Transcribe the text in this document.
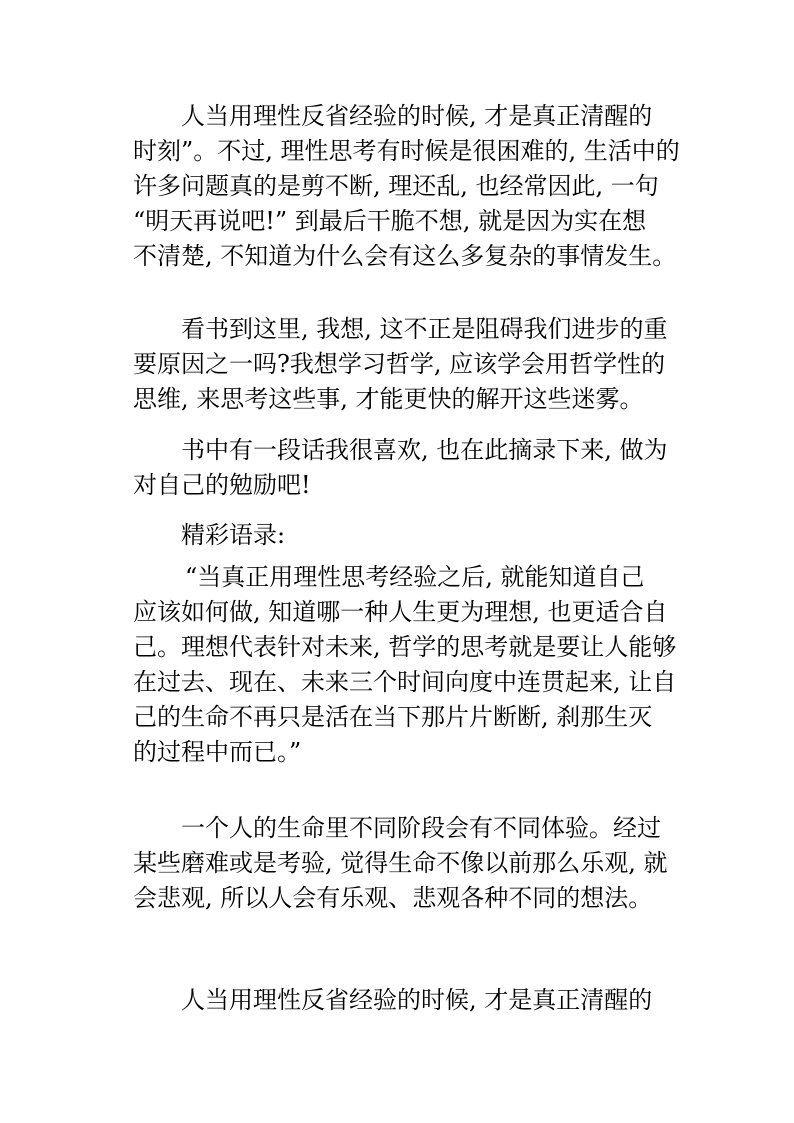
人当用理性反省经验的时候, 才是真正清醒的
时刻”。不过, 理性思考有时候是很困难的, 生活中的
许多问题真的是剪不断, 理还乱, 也经常因此, 一句
“明天再说吧!” 到最后干脆不想, 就是因为实在想
不清楚, 不知道为什么会有这么多复杂的事情发生。
看书到这里, 我想, 这不正是阻碍我们进步的重
要原因之一吗?我想学习哲学, 应该学会用哲学性的
思维, 来思考这些事, 才能更快的解开这些迷雾。
书中有一段话我很喜欢, 也在此摘录下来, 做为
对自己的勉励吧!
精彩语录:
“当真正用理性思考经验之后, 就能知道自己
应该如何做, 知道哪一种人生更为理想, 也更适合自
己。理想代表针对未来, 哲学的思考就是要让人能够
在过去、现在、未来三个时间向度中连贯起来, 让自
己的生命不再只是活在当下那片片断断, 刹那生灭
的过程中而已。”
一个人的生命里不同阶段会有不同体验。经过
某些磨难或是考验, 觉得生命不像以前那么乐观, 就
会悲观, 所以人会有乐观、悲观各种不同的想法。
人当用理性反省经验的时候, 才是真正清醒的
